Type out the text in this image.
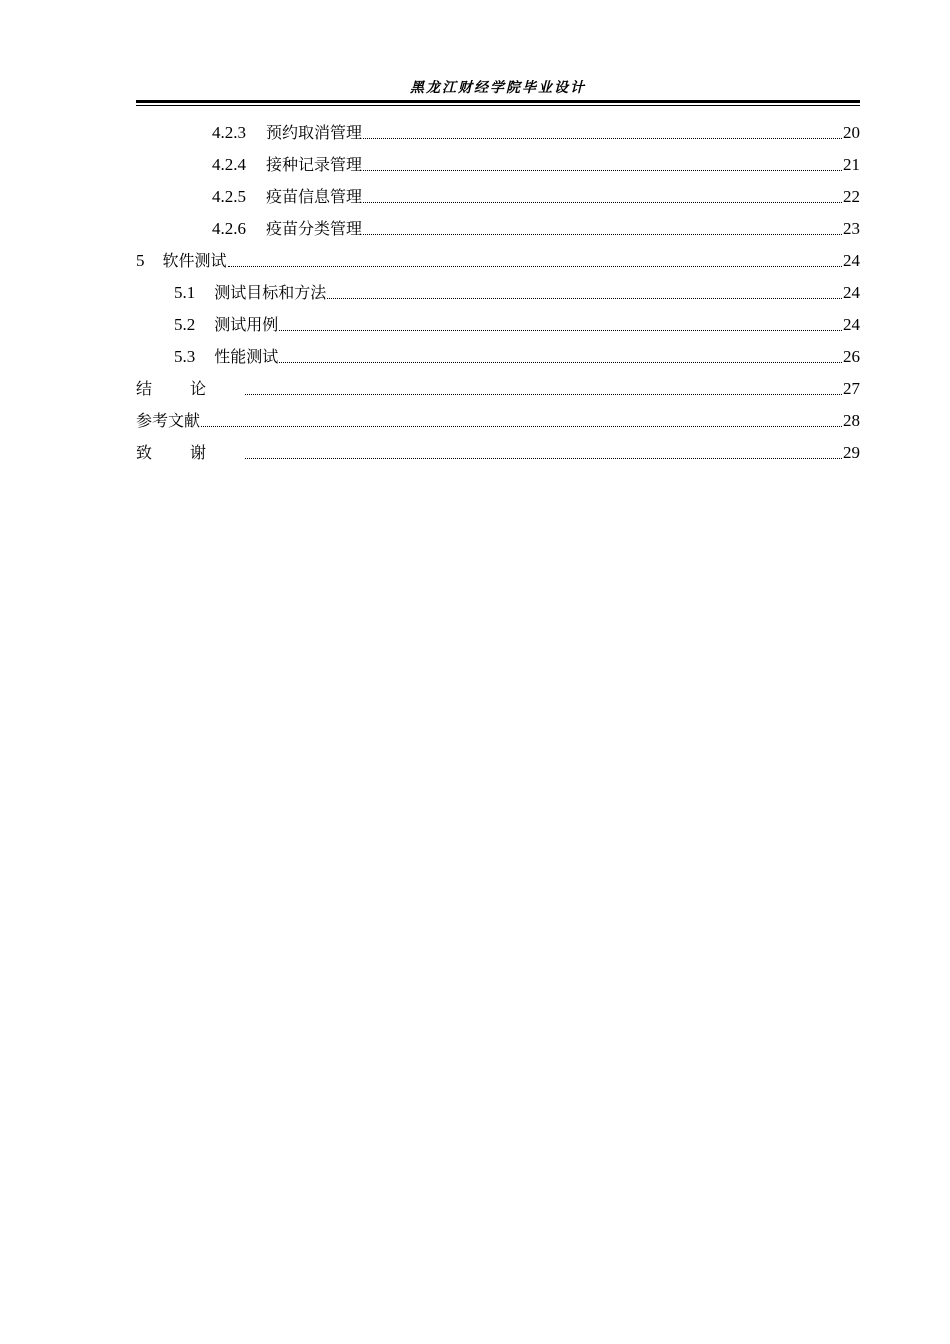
黑龙江财经学院毕业设计
4.2.3 预约取消管理	20
4.2.4 接种记录管理	21
4.2.5 疫苗信息管理	22
4.2.6 疫苗分类管理	23
5 软件测试	24
5.1 测试目标和方法	24
5.2 测试用例	24
5.3 性能测试	26
结论	27
参考文献	28
致谢	29
